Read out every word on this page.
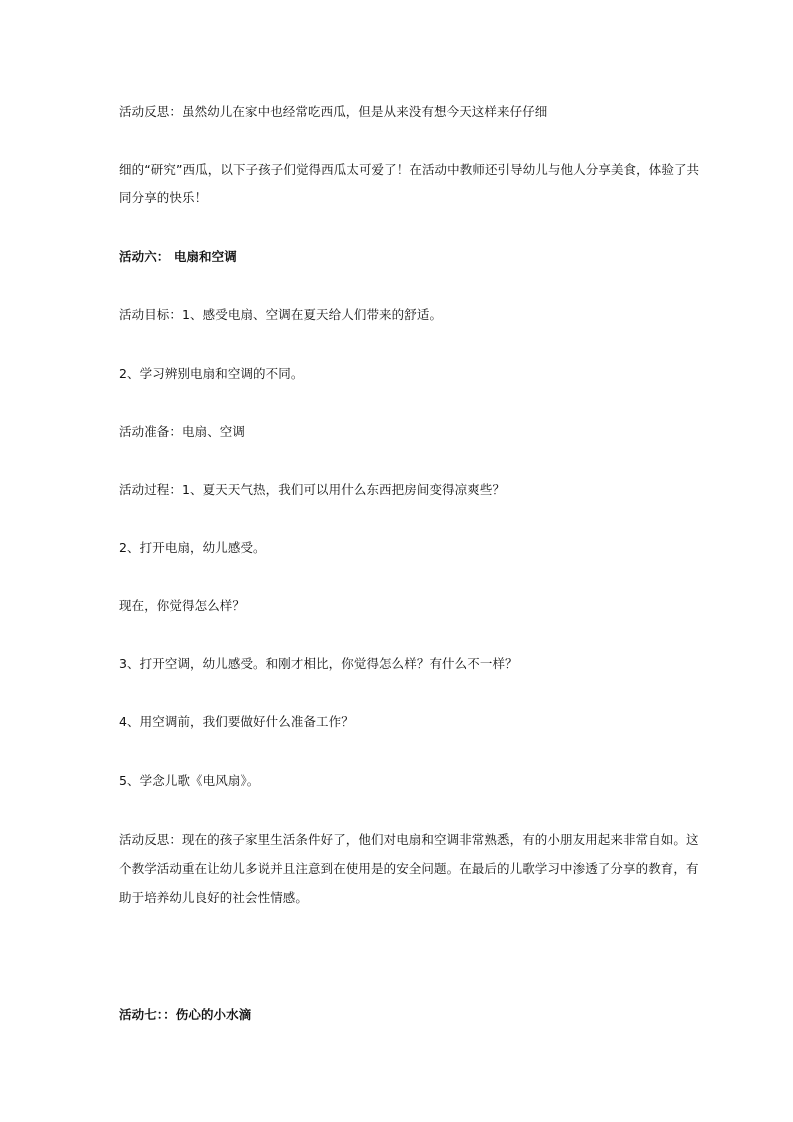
活动反思：虽然幼儿在家中也经常吃西瓜，但是从来没有想今天这样来仔仔细
细的“研究”西瓜，以下子孩子们觉得西瓜太可爱了！在活动中教师还引导幼儿与他人分享美食，体验了共
同分享的快乐！
活动六： 电扇和空调
活动目标：1、感受电扇、空调在夏天给人们带来的舒适。
2、学习辨别电扇和空调的不同。
活动准备：电扇、空调
活动过程：1、夏天天气热，我们可以用什么东西把房间变得凉爽些？
2、打开电扇，幼儿感受。
现在，你觉得怎么样？
3、打开空调，幼儿感受。和刚才相比，你觉得怎么样？有什么不一样？
4、用空调前，我们要做好什么准备工作？
5、学念儿歌《电风扇》。
活动反思：现在的孩子家里生活条件好了，他们对电扇和空调非常熟悉，有的小朋友用起来非常自如。这
个教学活动重在让幼儿多说并且注意到在使用是的安全问题。在最后的儿歌学习中渗透了分享的教育，有
助于培养幼儿良好的社会性情感。
活动七：：伤心的小水滴
